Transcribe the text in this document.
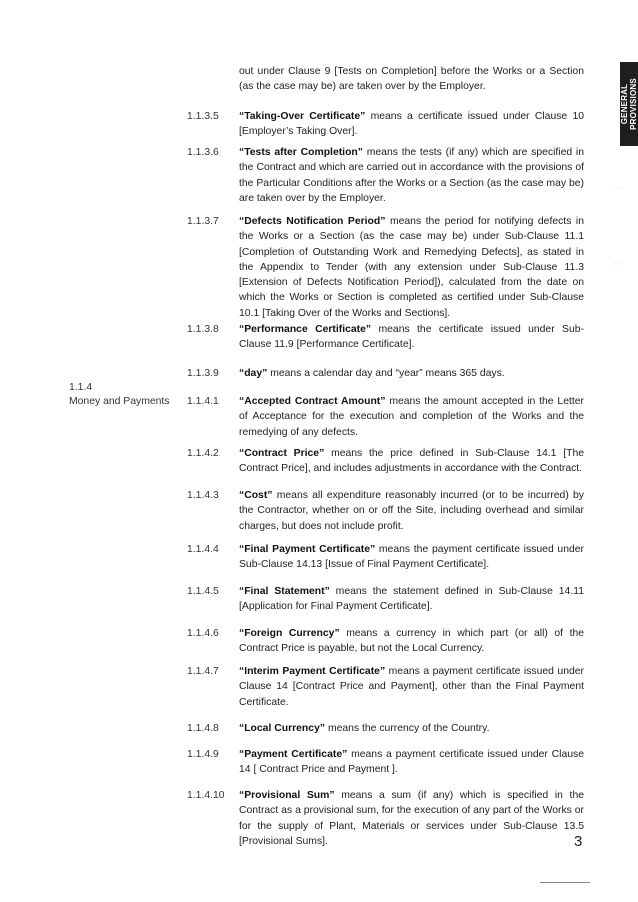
GENERAL
PROVISIONS
out under Clause 9 [Tests on Completion] before the Works or a Section (as the case may be) are taken over by the Employer.
1.1.3.5 “Taking-Over Certificate” means a certificate issued under Clause 10 [Employer’s Taking Over].
1.1.3.6 “Tests after Completion” means the tests (if any) which are specified in the Contract and which are carried out in accordance with the provisions of the Particular Conditions after the Works or a Section (as the case may be) are taken over by the Employer.
1.1.3.7 “Defects Notification Period” means the period for notifying defects in the Works or a Section (as the case may be) under Sub-Clause 11.1 [Completion of Outstanding Work and Remedying Defects], as stated in the Appendix to Tender (with any extension under Sub-Clause 11.3 [Extension of Defects Notification Period]), calculated from the date on which the Works or Section is completed as certified under Sub-Clause 10.1 [Taking Over of the Works and Sections].
1.1.3.8 “Performance Certificate” means the certificate issued under Sub-Clause 11.9 [Performance Certificate].
1.1.3.9 “day” means a calendar day and “year” means 365 days.
1.1.4
Money and Payments 1.1.4.1 “Accepted Contract Amount” means the amount accepted in the Letter of Acceptance for the execution and completion of the Works and the remedying of any defects.
1.1.4.2 “Contract Price” means the price defined in Sub-Clause 14.1 [The Contract Price], and includes adjustments in accordance with the Contract.
1.1.4.3 “Cost” means all expenditure reasonably incurred (or to be incurred) by the Contractor, whether on or off the Site, including overhead and similar charges, but does not include profit.
1.1.4.4 “Final Payment Certificate” means the payment certificate issued under Sub-Clause 14.13 [Issue of Final Payment Certificate].
1.1.4.5 “Final Statement” means the statement defined in Sub-Clause 14.11 [Application for Final Payment Certificate].
1.1.4.6 “Foreign Currency” means a currency in which part (or all) of the Contract Price is payable, but not the Local Currency.
1.1.4.7 “Interim Payment Certificate” means a payment certificate issued under Clause 14 [Contract Price and Payment], other than the Final Payment Certificate.
1.1.4.8 “Local Currency” means the currency of the Country.
1.1.4.9 “Payment Certificate” means a payment certificate issued under Clause 14 [ Contract Price and Payment ].
1.1.4.10 “Provisional Sum” means a sum (if any) which is specified in the Contract as a provisional sum, for the execution of any part of the Works or for the supply of Plant, Materials or services under Sub-Clause 13.5 [Provisional Sums].	3
· · ·
: :
